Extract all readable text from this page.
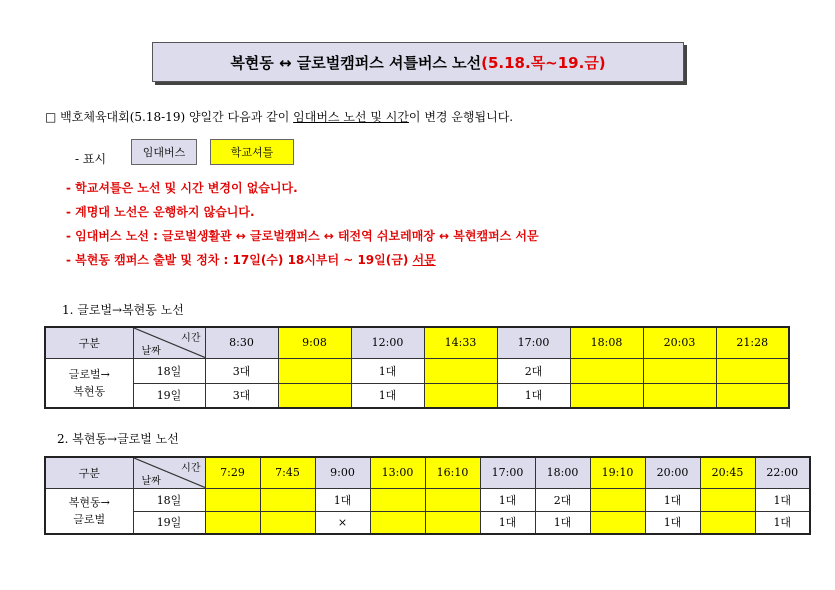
복현동 ↔ 글로벌캠퍼스 셔틀버스 노선 (5.18.목~19.금)
□ 백호체육대회(5.18-19) 양일간 다음과 같이 임대버스 노선 및 시간이 변경 운행됩니다.
- 표시	임대버스	학교셔틀
- 학교셔틀은 노선 및 시간 변경이 없습니다.
- 계명대 노선은 운행하지 않습니다.
- 임대버스 노선 : 글로벌생활관 ↔ 글로벌캠퍼스 ↔ 태전역 쉬보레매장 ↔ 복현캠퍼스 서문
- 복현동 캠퍼스 출발 및 정차 : 17일(수) 18시부터 ~ 19일(금) 서문
1. 글로벌→복현동 노선
구분	시간
날짜	8:30	9:08	12:00	14:33	17:00	18:08	20:03	21:28
글로벌→
복현동	18일	3대		1대		2대			
	19일	3대		1대		1대			
2. 복현동→글로벌 노선
구분	시간
날짜	7:29	7:45	9:00	13:00	16:10	17:00	18:00	19:10	20:00	20:45	22:00
복현동→
글로벌	18일			1대			1대	2대		1대		1대
	19일			×			1대	1대		1대		1대
